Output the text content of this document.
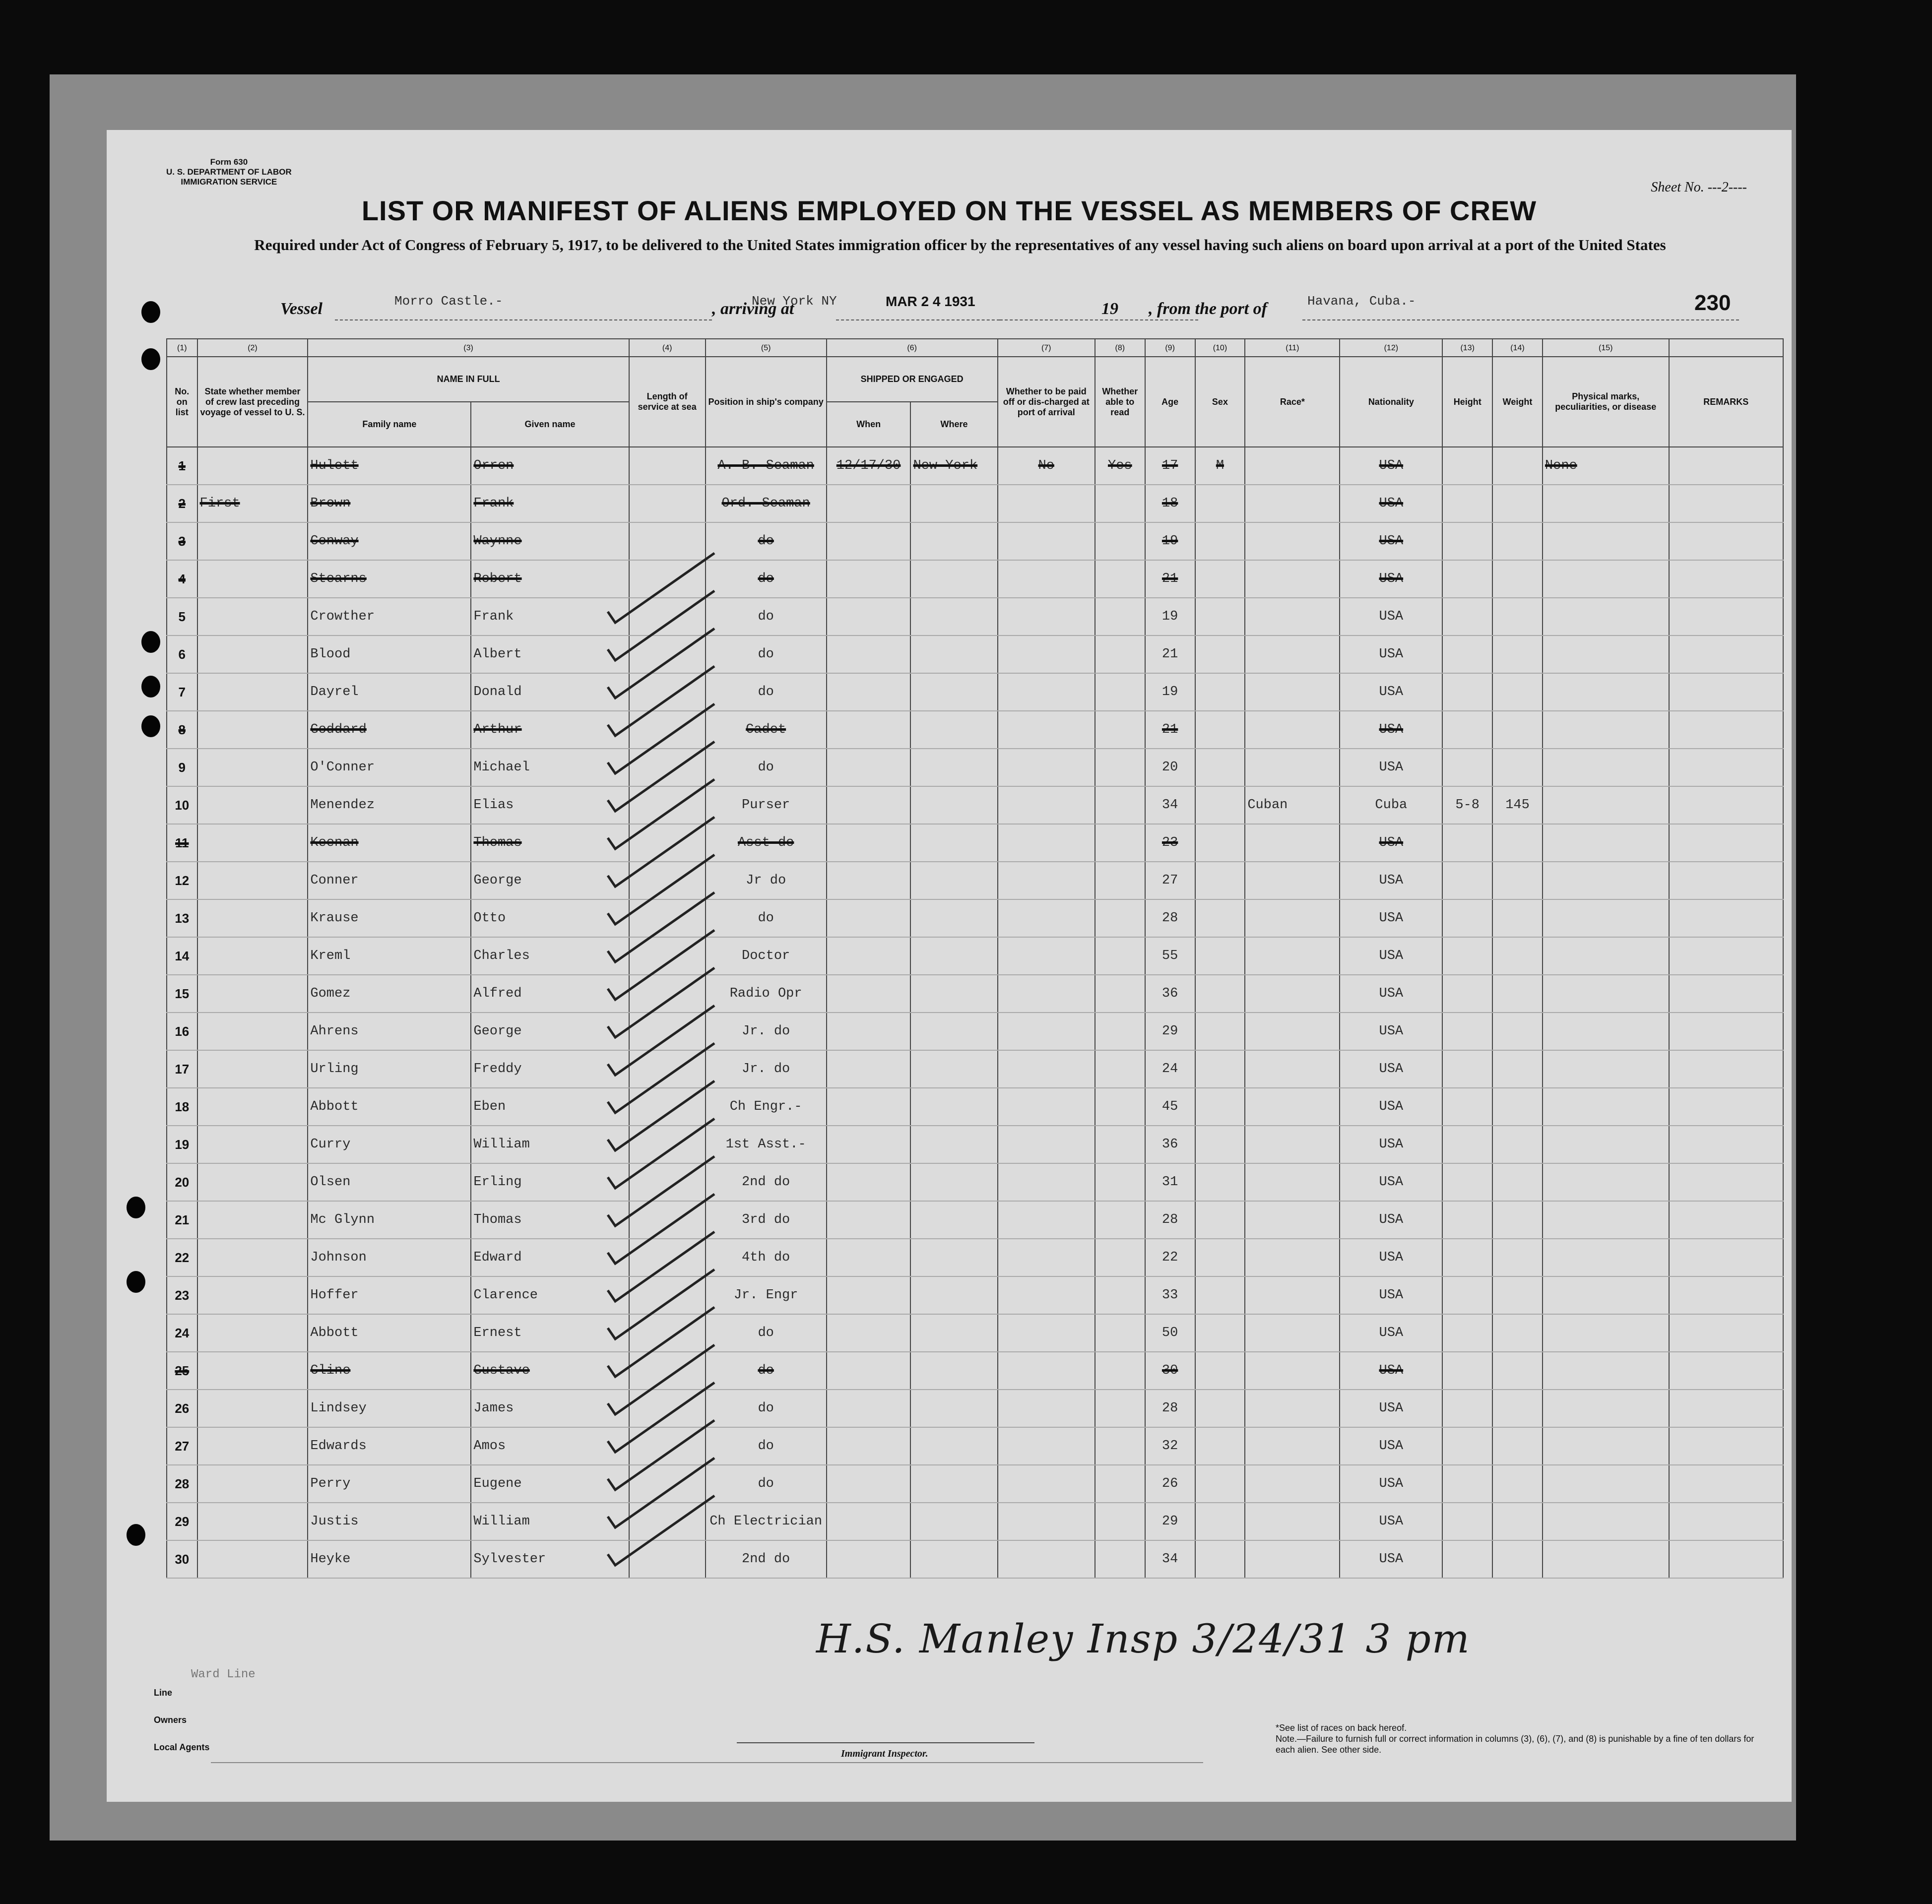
Form 630
U. S. DEPARTMENT OF LABOR
IMMIGRATION SERVICE	Sheet No. ---2----
LIST OR MANIFEST OF ALIENS EMPLOYED ON THE VESSEL AS MEMBERS OF CREW
Required under Act of Congress of February 5, 1917, to be delivered to the United States immigration officer by the representatives of any vessel having such aliens on board upon arrival at a port of the United States
Vessel	Morro Castle.-	, arriving at
New York NY	MAR 2 4 1931	19 , from the port of	Havana, Cuba.-	230
(1)	(2)	(3)		(4)	(5)	(6)		(7)	(8)	(9)	(10)	(11)	(12)	(13)	(14)	(15)	
No. on list	State whether member of crew last preceding voyage of vessel to U. S.	NAME IN FULL		Length of service at sea	Position in ship's company	SHIPPED OR ENGAGED		Whether to be paid off or dis-charged at port of arrival	Whether able to read	Age	Sex	Race*	Nationality	Height	Weight	Physical marks, peculiarities, or disease	REMARKS
		Family name	Given name			When	Where										
1		Hulett	Orren		A. B. Seaman	12/17/30	New York	No	Yes	17	M		USA			None	
2	First	Brown	Frank		Ord. Seaman					18			USA				
3		Conway	Waynne		do					19			USA				
4		Stearns	Robert		do					21			USA				
5		Crowther	Frank		do					19			USA				
6		Blood	Albert		do					21			USA				
7		Dayrel	Donald		do					19			USA				
8		Goddard	Arthur		Cadet					21			USA				
9		O'Conner	Michael		do					20			USA				
10		Menendez	Elias		Purser					34		Cuban	Cuba	5-8	145		
11		Keenan	Thomas		Asst do					23			USA				
12		Conner	George		Jr do					27			USA				
13		Krause	Otto		do					28			USA				
14		Kreml	Charles		Doctor					55			USA				
15		Gomez	Alfred		Radio Opr					36			USA				
16		Ahrens	George		Jr. do					29			USA				
17		Urling	Freddy		Jr. do					24			USA				
18		Abbott	Eben		Ch Engr.-					45			USA				
19		Curry	William		1st Asst.-					36			USA				
20		Olsen	Erling		2nd do					31			USA				
21		Mc Glynn	Thomas		3rd do					28			USA				
22		Johnson	Edward		4th do					22			USA				
23		Hoffer	Clarence		Jr. Engr					33			USA				
24		Abbott	Ernest		do					50			USA				
25		Cline	Gustave		do					30			USA				
26		Lindsey	James		do					28			USA				
27		Edwards	Amos		do					32			USA				
28		Perry	Eugene		do					26			USA				
29		Justis	William		Ch Electrician					29			USA				
30		Heyke	Sylvester		2nd do					34			USA				
H.S. Manley Insp 3/24/31 3 pm
Line
Ward Line
Owners
Local Agents
Immigrant Inspector.
*See list of races on back hereof.
Note.—Failure to furnish full or correct information in columns (3), (6), (7), and (8) is punishable by a fine of ten dollars for each alien. See other side.
